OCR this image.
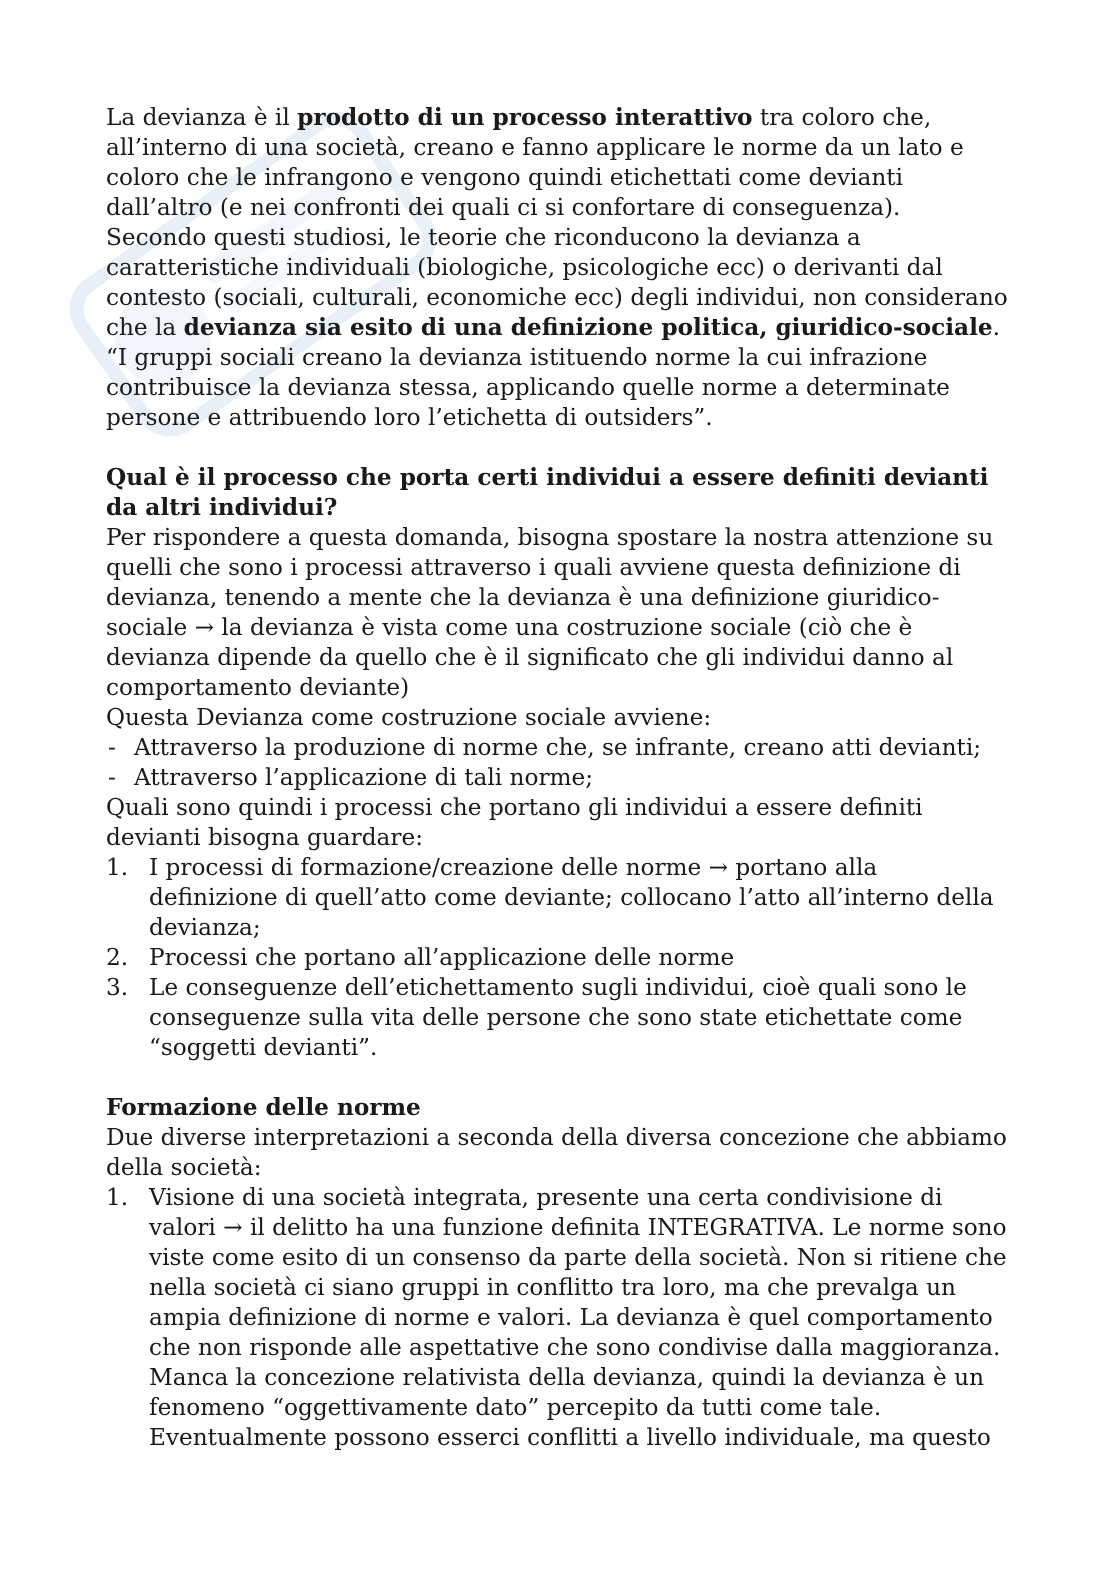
La devianza è il prodotto di un processo interattivo tra coloro che, all’interno di una società, creano e fanno applicare le norme da un lato e coloro che le infrangono e vengono quindi etichettati come devianti dall’altro (e nei confronti dei quali ci si confortare di conseguenza).

Secondo questi studiosi, le teorie che riconducono la devianza a caratteristiche individuali (biologiche, psicologiche ecc) o derivanti dal contesto (sociali, culturali, economiche ecc) degli individui, non considerano che la devianza sia esito di una definizione politica, giuridico-sociale.

“I gruppi sociali creano la devianza istituendo norme la cui infrazione contribuisce la devianza stessa, applicando quelle norme a determinate persone e attribuendo loro l’etichetta di outsiders”.

Qual è il processo che porta certi individui a essere definiti devianti da altri individui?

Per rispondere a questa domanda, bisogna spostare la nostra attenzione su quelli che sono i processi attraverso i quali avviene questa definizione di devianza, tenendo a mente che la devianza è una definizione giuridico-sociale → la devianza è vista come una costruzione sociale (ciò che è devianza dipende da quello che è il significato che gli individui danno al comportamento deviante)

Questa Devianza come costruzione sociale avviene:

- Attraverso la produzione di norme che, se infrante, creano atti devianti;
- Attraverso l’applicazione di tali norme;

Quali sono quindi i processi che portano gli individui a essere definiti devianti bisogna guardare:

1. I processi di formazione/creazione delle norme → portano alla definizione di quell’atto come deviante; collocano l’atto all’interno della devianza;
2. Processi che portano all’applicazione delle norme
3. Le conseguenze dell’etichettamento sugli individui, cioè quali sono le conseguenze sulla vita delle persone che sono state etichettate come “soggetti devianti”.

Formazione delle norme

Due diverse interpretazioni a seconda della diversa concezione che abbiamo della società:

1. Visione di una società integrata, presente una certa condivisione di valori → il delitto ha una funzione definita INTEGRATIVA. Le norme sono viste come esito di un consenso da parte della società. Non si ritiene che nella società ci siano gruppi in conflitto tra loro, ma che prevalga un ampia definizione di norme e valori. La devianza è quel comportamento che non risponde alle aspettative che sono condivise dalla maggioranza. Manca la concezione relativista della devianza, quindi la devianza è un fenomeno “oggettivamente dato” percepito da tutti come tale.
Eventualmente possono esserci conflitti a livello individuale, ma questo
